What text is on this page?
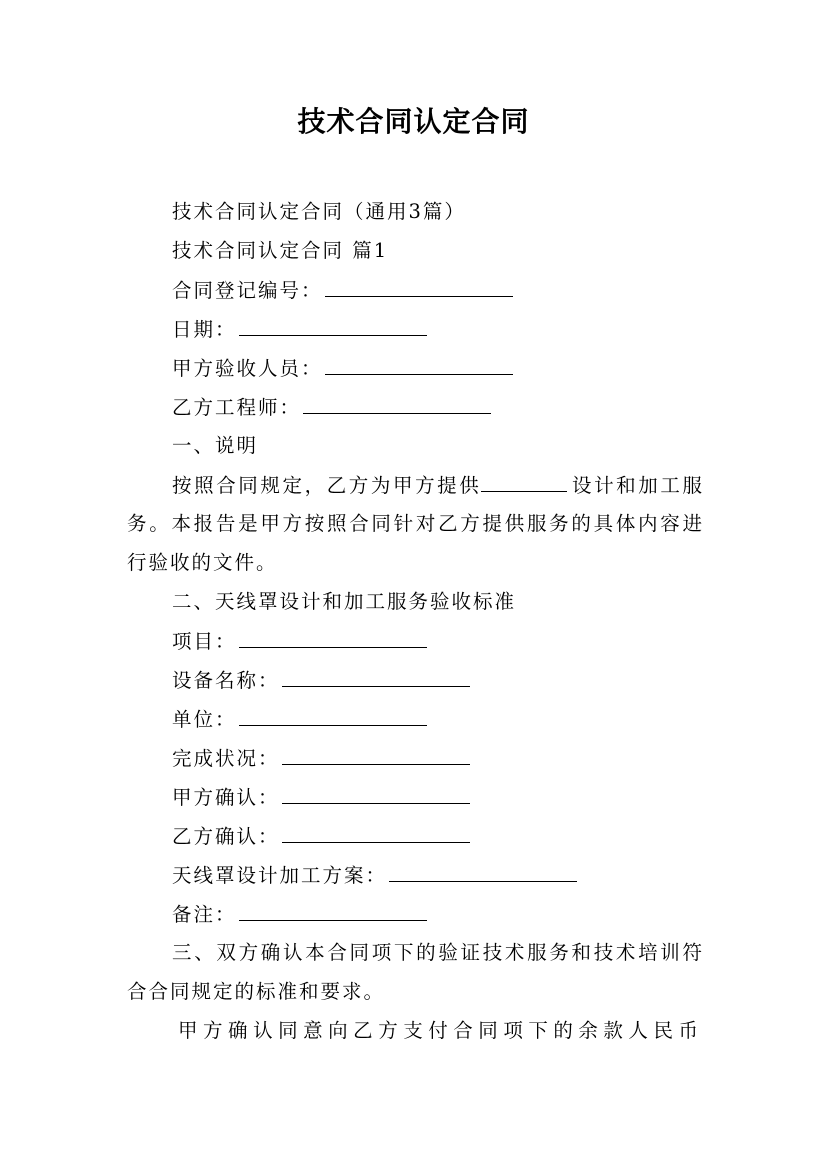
技术合同认定合同
技术合同认定合同（通用3篇）
技术合同认定合同 篇1
合同登记编号：
日期：
甲方验收人员：
乙方工程师：
一、说明
按照合同规定，乙方为甲方提供	设计和加工服
务。本报告是甲方按照合同针对乙方提供服务的具体内容进
行验收的文件。
二、天线罩设计和加工服务验收标准
项目：
设备名称：
单位：
完成状况：
甲方确认：
乙方确认：
天线罩设计加工方案：
备注：
三、双方确认本合同项下的验证技术服务和技术培训符
合合同规定的标准和要求。
甲方确认同意向乙方支付合同项下的余款人民币
